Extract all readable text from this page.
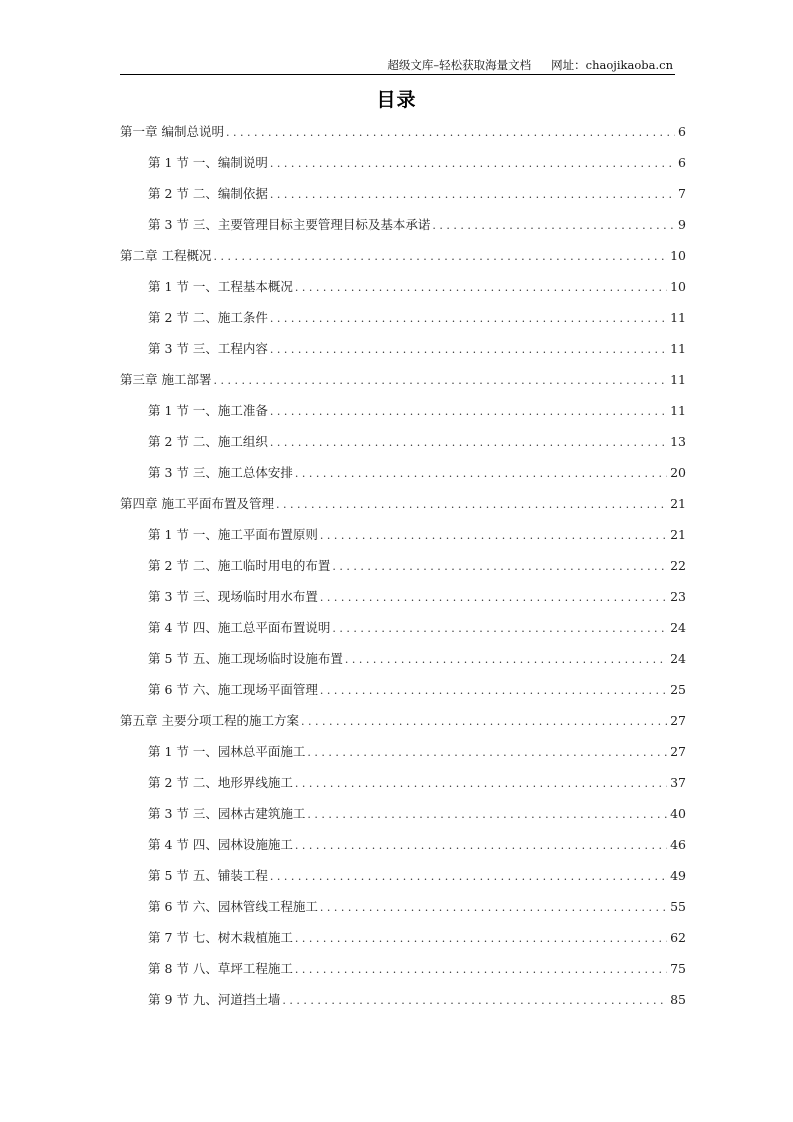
超级文库–轻松获取海量文档 网址：chaojikaoba.cn
目录
第一章 编制总说明 . . .	6
第 1 节 一、编制说明 . . .	6
第 2 节 二、编制依据 . . .	7
第 3 节 三、主要管理目标主要管理目标及基本承诺 . . .	9
第二章 工程概况 . . .	10
第 1 节 一、工程基本概况 . . .	10
第 2 节 二、施工条件 . . .	11
第 3 节 三、工程内容 . . .	11
第三章 施工部署 . . .	11
第 1 节 一、施工准备 . . .	11
第 2 节 二、施工组织 . . .	13
第 3 节 三、施工总体安排 . . .	20
第四章 施工平面布置及管理 . . .	21
第 1 节 一、施工平面布置原则 . . .	21
第 2 节 二、施工临时用电的布置 . . .	22
第 3 节 三、现场临时用水布置 . . .	23
第 4 节 四、施工总平面布置说明 . . .	24
第 5 节 五、施工现场临时设施布置 . . .	24
第 6 节 六、施工现场平面管理 . . .	25
第五章 主要分项工程的施工方案 . . .	27
第 1 节 一、园林总平面施工 . . .	27
第 2 节 二、地形界线施工 . . .	37
第 3 节 三、园林古建筑施工 . . .	40
第 4 节 四、园林设施施工 . . .	46
第 5 节 五、铺装工程 . . .	49
第 6 节 六、园林管线工程施工 . . .	55
第 7 节 七、树木栽植施工 . . .	62
第 8 节 八、草坪工程施工 . . .	75
第 9 节 九、河道挡土墙 . . .	85
